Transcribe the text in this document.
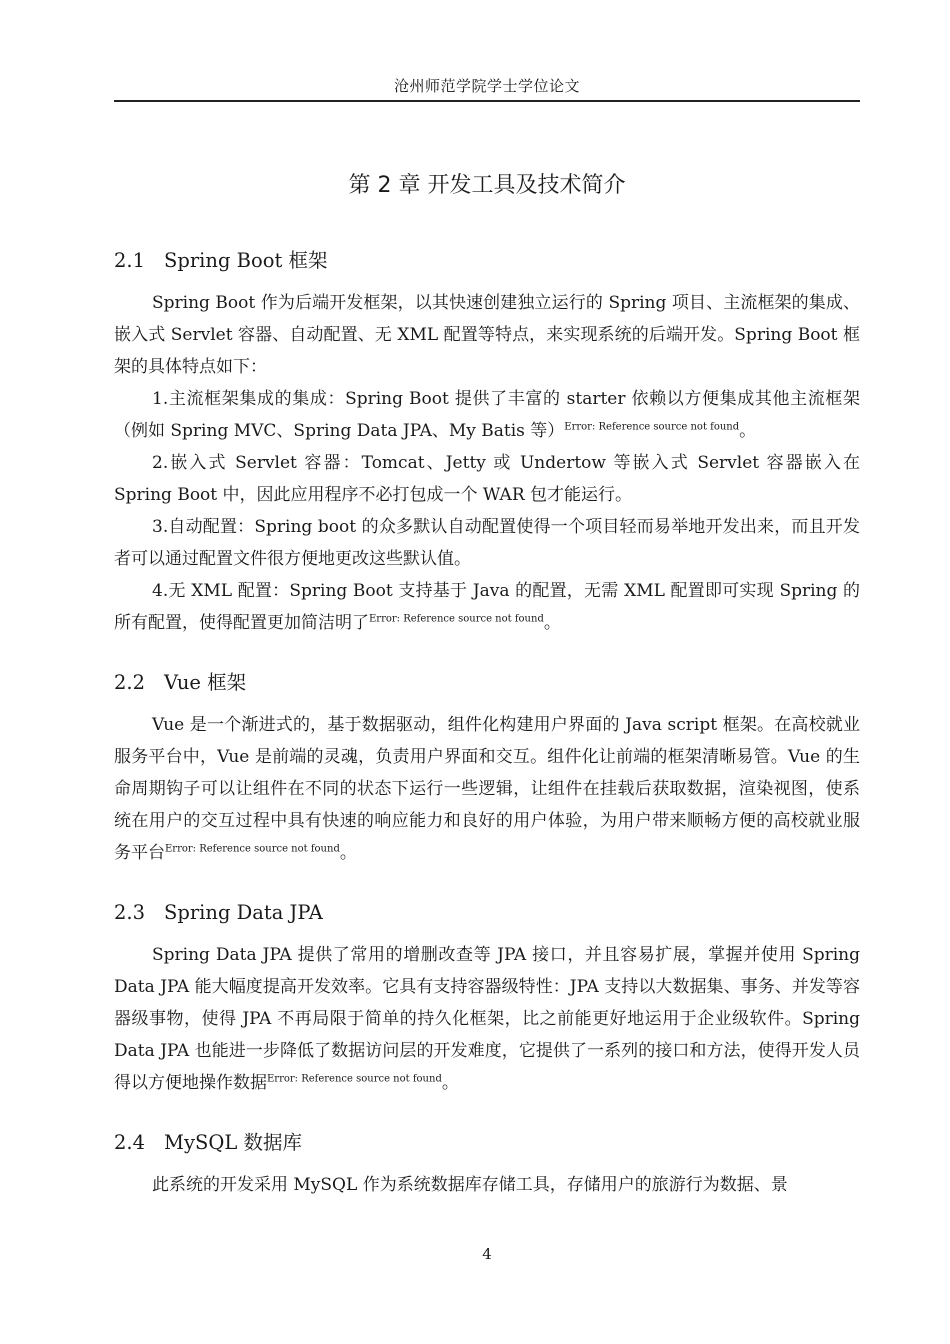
沧州师范学院学士学位论文
第 2 章 开发工具及技术简介
2.1 Spring Boot 框架

Spring Boot 作为后端开发框架，以其快速创建独立运行的 Spring 项目、主流框架的集成、嵌入式 Servlet 容器、自动配置、无 XML 配置等特点，来实现系统的后端开发。Spring Boot 框架的具体特点如下：

1.主流框架集成的集成：Spring Boot 提供了丰富的 starter 依赖以方便集成其他主流框架（例如 Spring MVC、Spring Data JPA、My Batis 等）$^{Error: Reference source not found}$。

2.嵌入式 Servlet 容器：Tomcat、Jetty 或 Undertow 等嵌入式 Servlet 容器嵌入在 Spring Boot 中，因此应用程序不必打包成一个 WAR 包才能运行。

3.自动配置：Spring boot 的众多默认自动配置使得一个项目轻而易举地开发出来，而且开发者可以通过配置文件很方便地更改这些默认值。

4.无 XML 配置：Spring Boot 支持基于 Java 的配置，无需 XML 配置即可实现 Spring 的所有配置，使得配置更加简洁明了$^{Error: Reference source not found}$。

2.2 Vue 框架

Vue 是一个渐进式的，基于数据驱动，组件化构建用户界面的 Java script 框架。在高校就业服务平台中，Vue 是前端的灵魂，负责用户界面和交互。组件化让前端的框架清晰易管。Vue 的生命周期钩子可以让组件在不同的状态下运行一些逻辑，让组件在挂载后获取数据，渲染视图，使系统在用户的交互过程中具有快速的响应能力和良好的用户体验，为用户带来顺畅方便的高校就业服务平台$^{Error: Reference source not found}$。

2.3 Spring Data JPA

Spring Data JPA 提供了常用的增删改查等 JPA 接口，并且容易扩展，掌握并使用 Spring Data JPA 能大幅度提高开发效率。它具有支持容器级特性：JPA 支持以大数据集、事务、并发等容器级事物，使得 JPA 不再局限于简单的持久化框架，比之前能更好地运用于企业级软件。Spring Data JPA 也能进一步降低了数据访问层的开发难度，它提供了一系列的接口和方法，使得开发人员得以方便地操作数据$^{Error: Reference source not found}$。

2.4 MySQL 数据库

此系统的开发采用 MySQL 作为系统数据库存储工具，存储用户的旅游行为数据、景

4
